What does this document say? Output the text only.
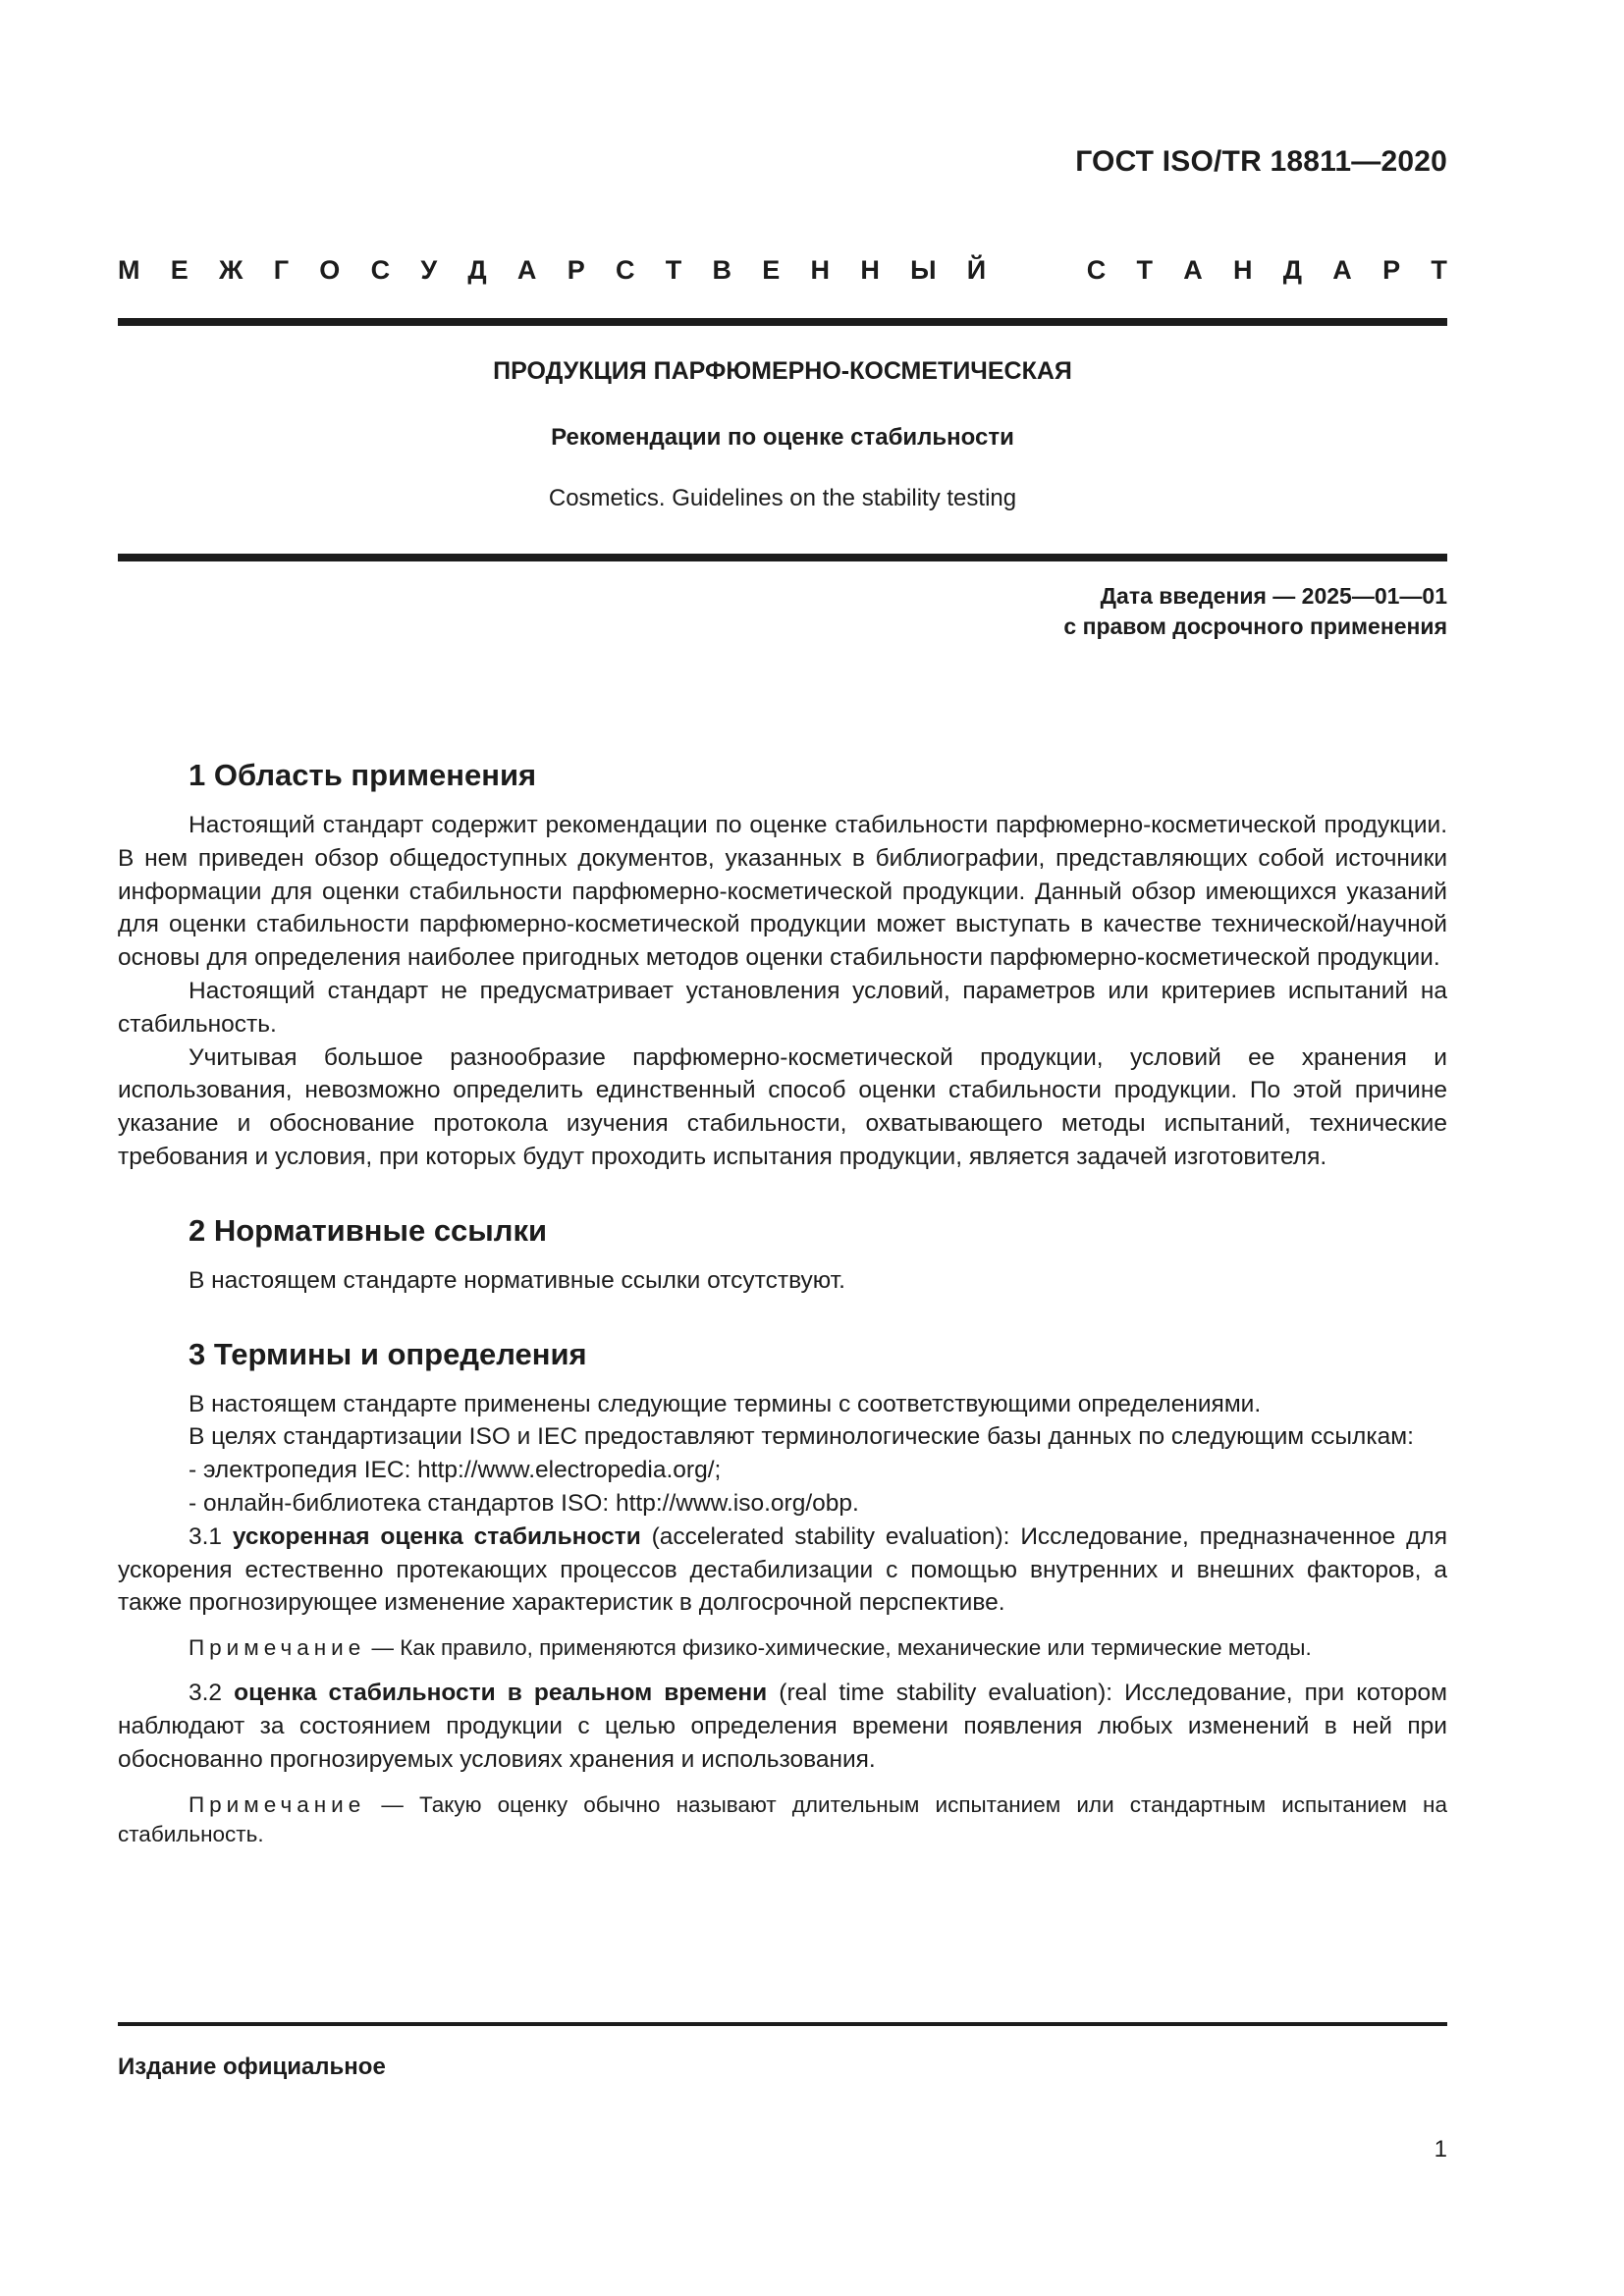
ГОСТ ISO/TR 18811—2020
М Е Ж Г О С У Д А Р С Т В Е Н Н Ы Й	С Т А Н Д А Р Т
ПРОДУКЦИЯ ПАРФЮМЕРНО-КОСМЕТИЧЕСКАЯ
Рекомендации по оценке стабильности
Cosmetics. Guidelines on the stability testing
Дата введения — 2025—01—01
с правом досрочного применения
1 Область применения

Настоящий стандарт содержит рекомендации по оценке стабильности парфюмерно-косметической продукции. В нем приведен обзор общедоступных документов, указанных в библиографии, представляющих собой источники информации для оценки стабильности парфюмерно-косметической продукции. Данный обзор имеющихся указаний для оценки стабильности парфюмерно-косметической продукции может выступать в качестве технической/научной основы для определения наиболее пригодных методов оценки стабильности парфюмерно-косметической продукции.

Настоящий стандарт не предусматривает установления условий, параметров или критериев испытаний на стабильность.

Учитывая большое разнообразие парфюмерно-косметической продукции, условий ее хранения и использования, невозможно определить единственный способ оценки стабильности продукции. По этой причине указание и обоснование протокола изучения стабильности, охватывающего методы испытаний, технические требования и условия, при которых будут проходить испытания продукции, является задачей изготовителя.

2 Нормативные ссылки

В настоящем стандарте нормативные ссылки отсутствуют.

3 Термины и определения

В настоящем стандарте применены следующие термины с соответствующими определениями.

В целях стандартизации ISO и IEC предоставляют терминологические базы данных по следующим ссылкам:

- электропедия IEC: http://www.electropedia.org/;

- онлайн-библиотека стандартов ISO: http://www.iso.org/obp.

3.1 ускоренная оценка стабильности (accelerated stability evaluation): Исследование, предназначенное для ускорения естественно протекающих процессов дестабилизации с помощью внутренних и внешних факторов, а также прогнозирующее изменение характеристик в долгосрочной перспективе.

Примечание — Как правило, применяются физико-химические, механические или термические методы.

3.2 оценка стабильности в реальном времени (real time stability evaluation): Исследование, при котором наблюдают за состоянием продукции с целью определения времени появления любых изменений в ней при обоснованно прогнозируемых условиях хранения и использования.

Примечание — Такую оценку обычно называют длительным испытанием или стандартным испытанием на стабильность.

Издание официальное
1
